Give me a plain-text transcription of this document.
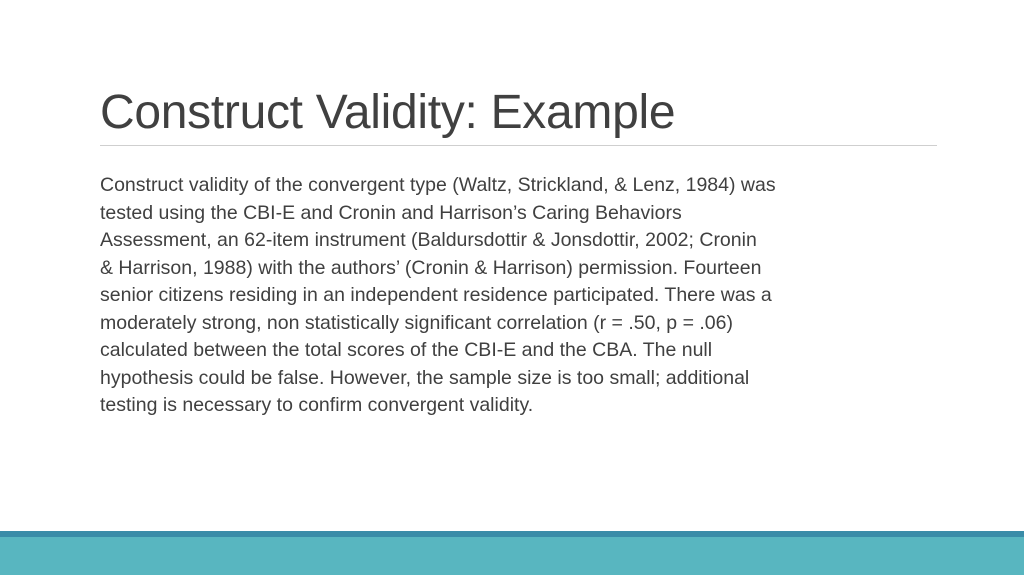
Construct Validity: Example

Construct validity of the convergent type (Waltz, Strickland, & Lenz, 1984) was
tested using the CBI-E and Cronin and Harrison’s Caring Behaviors
Assessment, an 62-item instrument (Baldursdottir & Jonsdottir, 2002; Cronin
& Harrison, 1988) with the authors’ (Cronin & Harrison) permission. Fourteen
senior citizens residing in an independent residence participated. There was a
moderately strong, non statistically significant correlation (r = .50, p = .06)
calculated between the total scores of the CBI-E and the CBA. The null
hypothesis could be false. However, the sample size is too small; additional
testing is necessary to confirm convergent validity.
